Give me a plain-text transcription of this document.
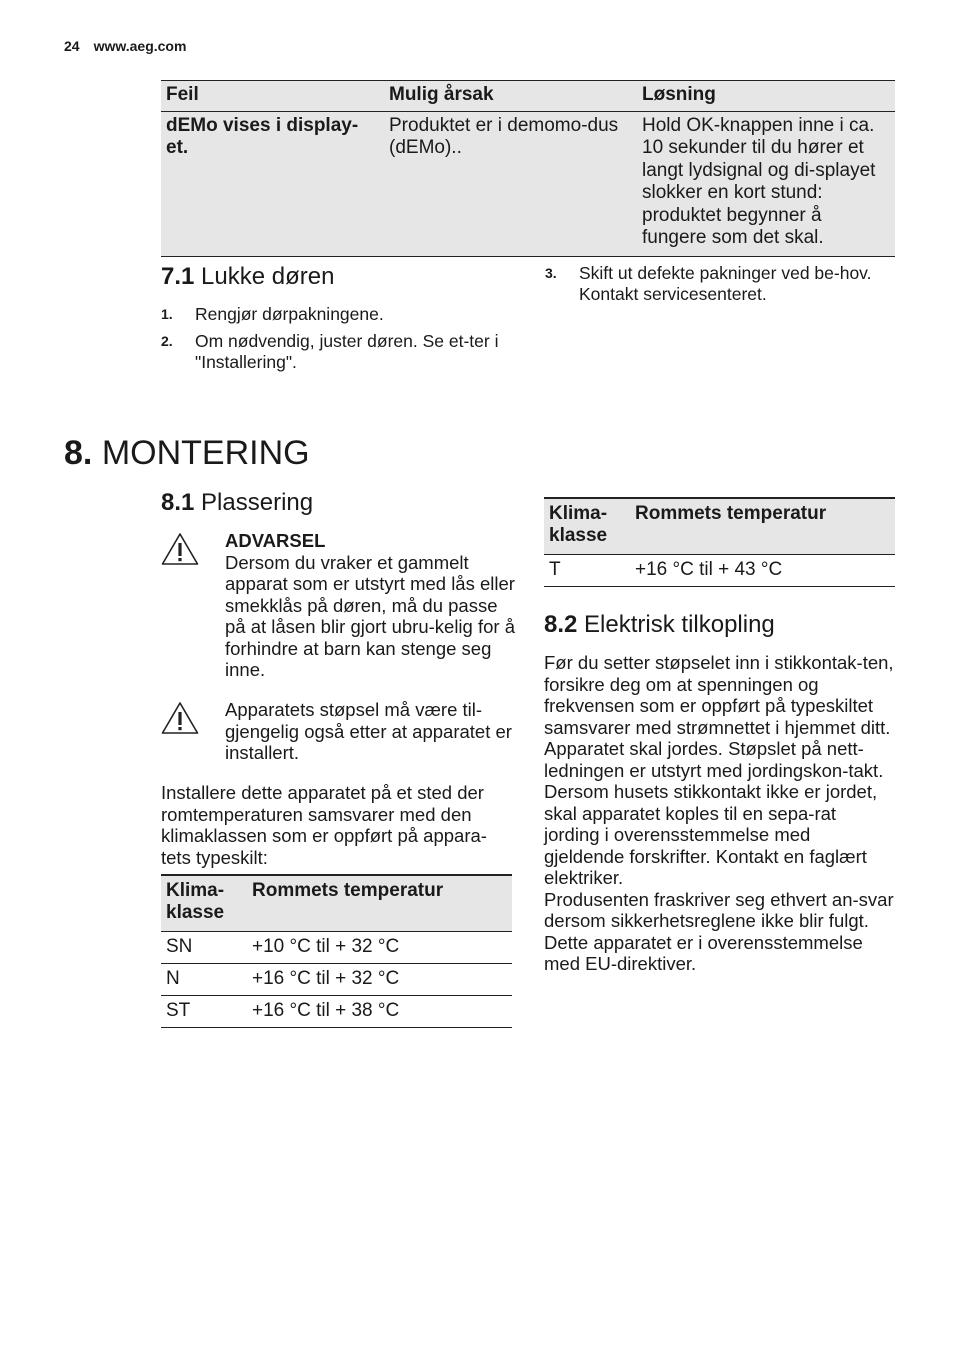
24 www.aeg.com
Feil	Mulig årsak	Løsning
dEMo vises i display-et.	Produktet er i demomo-dus (dEMo)..	Hold OK-knappen inne i ca. 10 sekunder til du hører et langt lydsignal og di-splayet slokker en kort stund: produktet begynner å fungere som det skal.
7.1 Lukke døren
1. Rengjør dørpakningene.
2. Om nødvendig, juster døren. Se et-ter i "Installering".
3. Skift ut defekte pakninger ved be-hov. Kontakt servicesenteret.
8. MONTERING
8.1 Plassering
ADVARSEL
Dersom du vraker et gammelt apparat som er utstyrt med lås eller smekklås på døren, må du passe på at låsen blir gjort ubru-kelig for å forhindre at barn kan stenge seg inne.
Apparatets støpsel må være til-gjengelig også etter at apparatet er installert.
Installere dette apparatet på et sted der romtemperaturen samsvarer med den klimaklassen som er oppført på appara-tets typeskilt:
Klima-klasse	Rommets temperatur
SN	+10 °C til + 32 °C
N	+16 °C til + 32 °C
ST	+16 °C til + 38 °C
Klima-klasse	Rommets temperatur
T	+16 °C til + 43 °C
8.2 Elektrisk tilkopling
Før du setter støpselet inn i stikkontak-ten, forsikre deg om at spenningen og frekvensen som er oppført på typeskiltet samsvarer med strømnettet i hjemmet ditt.
Apparatet skal jordes. Støpslet på nett-ledningen er utstyrt med jordingskon-takt. Dersom husets stikkontakt ikke er jordet, skal apparatet koples til en sepa-rat jording i overensstemmelse med gjeldende forskrifter. Kontakt en faglært elektriker.
Produsenten fraskriver seg ethvert an-svar dersom sikkerhetsreglene ikke blir fulgt.
Dette apparatet er i overensstemmelse med EU-direktiver.
